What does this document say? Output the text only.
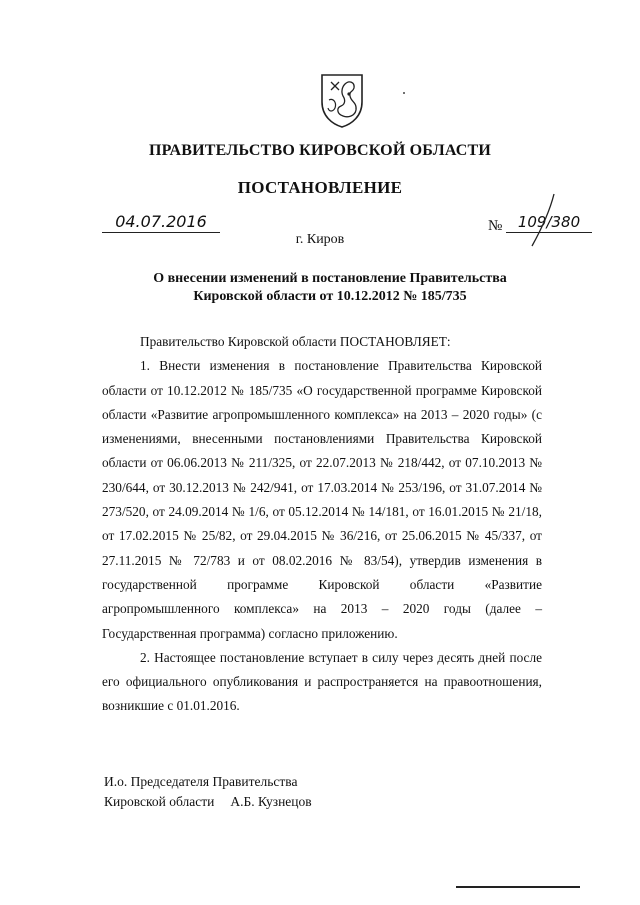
ПРАВИТЕЛЬСТВО КИРОВСКОЙ ОБЛАСТИ
ПОСТАНОВЛЕНИЕ
04.07.2016
г. Киров
№	109/380
О внесении изменений в постановление Правительства
Кировской области от 10.12.2012 № 185/735

Правительство Кировской области ПОСТАНОВЛЯЕТ:

1. Внести изменения в постановление Правительства Кировской области от 10.12.2012 № 185/735 «О государственной программе Кировской области «Развитие агропромышленного комплекса» на 2013 – 2020 годы» (с изменениями, внесенными постановлениями Правительства Кировской области от 06.06.2013 № 211/325, от 22.07.2013 № 218/442, от 07.10.2013 № 230/644, от 30.12.2013 № 242/941, от 17.03.2014 № 253/196, от 31.07.2014 № 273/520, от 24.09.2014 № 1/6, от 05.12.2014 № 14/181, от 16.01.2015 № 21/18, от 17.02.2015 № 25/82, от 29.04.2015 № 36/216, от 25.06.2015 № 45/337, от 27.11.2015 № 72/783 и от 08.02.2016 № 83/54), утвердив изменения в государственной программе Кировской области «Развитие агропромышленного комплекса» на 2013 – 2020 годы (далее – Государственная программа) согласно приложению.

2. Настоящее постановление вступает в силу через десять дней после его официального опубликования и распространяется на правоотношения, возникшие с 01.01.2016.

И.о. Председателя Правительства
Кировской области А.Б. Кузнецов
